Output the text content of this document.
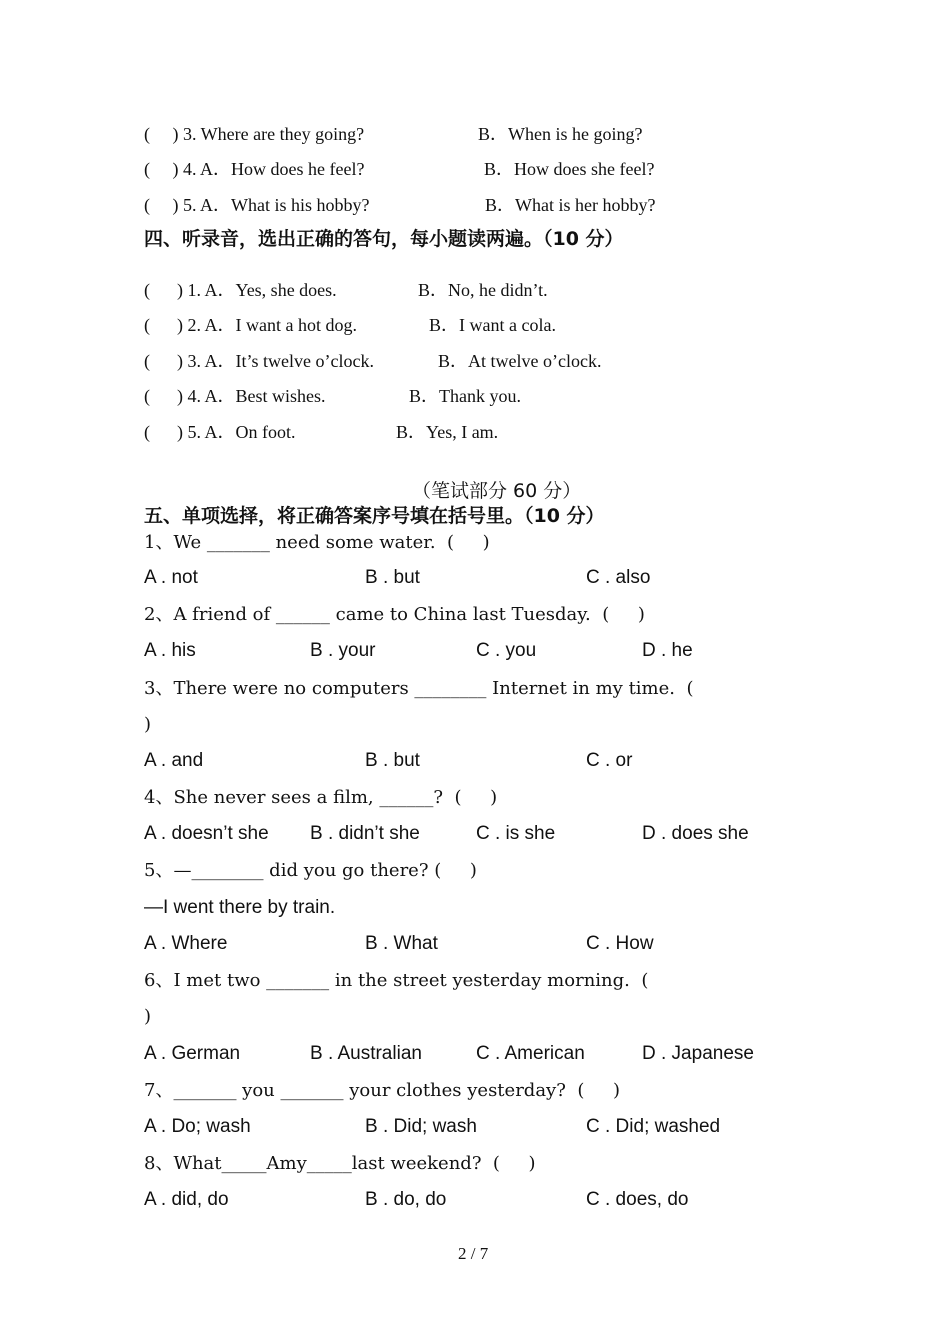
(     ) 3. Where are they going?	B．When is he going?
(     ) 4. A．How does he feel?	B．How does she feel?
(     ) 5. A．What is his hobby?	B．What is her hobby?
四、听录音，选出正确的答句，每小题读两遍。（10 分）
(      ) 1. A．Yes, she does.	B．No, he didn’t.
(      ) 2. A．I want a hot dog.	B．I want a cola.
(      ) 3. A．It’s twelve o’clock.	B．At twelve o’clock.
(      ) 4. A．Best wishes.	B．Thank you.
(      ) 5. A．On foot.	B．Yes, I am.
（笔试部分 60 分）
五、单项选择，将正确答案序号填在括号里。（10 分）
1、We _______ need some water.  (     )
A . not	B . but	C . also
2、A friend of ______ came to China last Tuesday.  (     )
A . his	B . your	C . you	D . he
3、There were no computers ________ Internet in my time.  (
)
A . and	B . but	C . or
4、She never sees a film, ______?  (     )
A . doesn’t she B . didn’t she	C . is she	D . does she
5、—________ did you go there? (     )
—I went there by train.
A . Where	B . What	C . How
6、I met two _______ in the street yesterday morning.  (
)
A . German	B . Australian	C . American	D . Japanese
7、_______ you _______ your clothes yesterday?  (     )
A . Do; wash	B . Did; wash	C . Did; washed
8、What_____Amy_____last weekend?  (     )
A . did, do	B . do, do	C . does, do
2 / 7
